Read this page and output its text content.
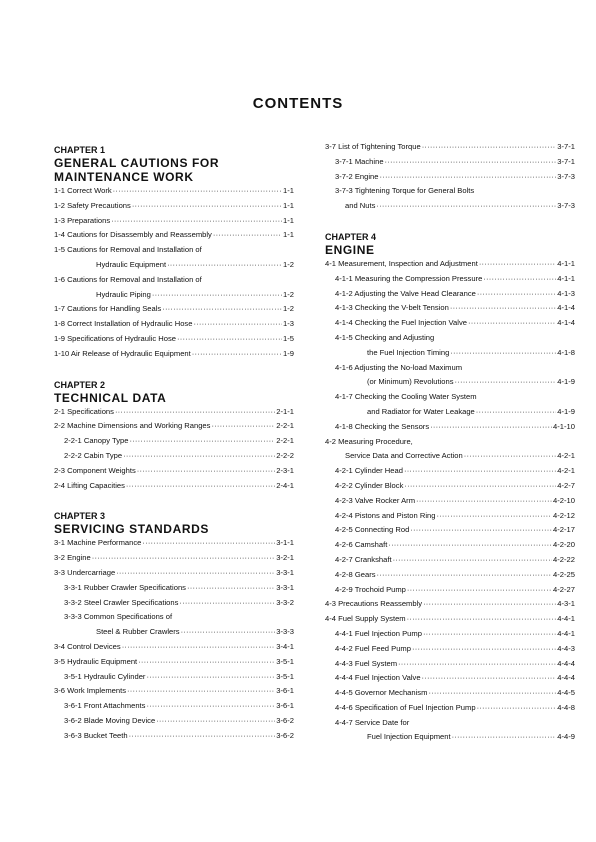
CONTENTS
CHAPTER 1
GENERAL CAUTIONS FOR
MAINTENANCE WORK
1-1 Correct Work ·····	1-1
1-2 Safety Precautions ·····	1-1
1-3 Preparations ·····	1-1
1-4 Cautions for Disassembly and Reassembly ·····	1-1
1-5 Cautions for Removal and Installation of
Hydraulic Equipment ·····	1-2
1-6 Cautions for Removal and Installation of
Hydraulic Piping ·····	1-2
1-7 Cautions for Handling Seals ·····	1-2
1-8 Correct Installation of Hydraulic Hose ·····	1-3
1-9 Specifications of Hydraulic Hose ·····	1-5
1-10 Air Release of Hydraulic Equipment ·····	1-9
CHAPTER 2
TECHNICAL DATA
2-1 Specifications ·····	2-1-1
2-2 Machine Dimensions and Working Ranges ·····	2-2-1
2-2-1 Canopy Type ·····	2-2-1
2-2-2 Cabin Type ·····	2-2-2
2-3 Component Weights ·····	2-3-1
2-4 Lifting Capacities ·····	2-4-1
CHAPTER 3
SERVICING STANDARDS
3-1 Machine Performance ·····	3-1-1
3-2 Engine ·····	3-2-1
3-3 Undercarriage ·····	3-3-1
3-3-1 Rubber Crawler Specifications ·····	3-3-1
3-3-2 Steel Crawler Specifications ·····	3-3-2
3-3-3 Common Specifications of
Steel & Rubber Crawlers ·····	3-3-3
3-4 Control Devices ·····	3-4-1
3-5 Hydraulic Equipment ·····	3-5-1
3-5-1 Hydraulic Cylinder ·····	3-5-1
3-6 Work Implements ·····	3-6-1
3-6-1 Front Attachments ·····	3-6-1
3-6-2 Blade Moving Device ·····	3-6-2
3-6-3 Bucket Teeth ·····	3-6-2
3-7 List of Tightening Torque ·····	3-7-1
3-7-1 Machine ·····	3-7-1
3-7-2 Engine ·····	3-7-3
3-7-3 Tightening Torque for General Bolts
and Nuts ·····	3-7-3
CHAPTER 4
ENGINE
4-1 Measurement, Inspection and Adjustment ·····	4-1-1
4-1-1 Measuring the Compression Pressure ·····	4-1-1
4-1-2 Adjusting the Valve Head Clearance ·····	4-1-3
4-1-3 Checking the V-belt Tension ·····	4-1-4
4-1-4 Checking the Fuel Injection Valve ·····	4-1-4
4-1-5 Checking and Adjusting
the Fuel Injection Timing ·····	4-1-8
4-1-6 Adjusting the No-load Maximum
(or Minimum) Revolutions ·····	4-1-9
4-1-7 Checking the Cooling Water System
and Radiator for Water Leakage ·····	4-1-9
4-1-8 Checking the Sensors ·····	4-1-10
4-2 Measuring Procedure,
Service Data and Corrective Action ·····	4-2-1
4-2-1 Cylinder Head ·····	4-2-1
4-2-2 Cylinder Block ·····	4-2-7
4-2-3 Valve Rocker Arm ·····	4-2-10
4-2-4 Pistons and Piston Ring ·····	4-2-12
4-2-5 Connecting Rod ·····	4-2-17
4-2-6 Camshaft ·····	4-2-20
4-2-7 Crankshaft ·····	4-2-22
4-2-8 Gears ·····	4-2-25
4-2-9 Trochoid Pump ·····	4-2-27
4-3 Precautions Reassembly ·····	4-3-1
4-4 Fuel Supply System ·····	4-4-1
4-4-1 Fuel Injection Pump ·····	4-4-1
4-4-2 Fuel Feed Pump ·····	4-4-3
4-4-3 Fuel System ·····	4-4-4
4-4-4 Fuel Injection Valve ·····	4-4-4
4-4-5 Governor Mechanism ·····	4-4-5
4-4-6 Specification of Fuel Injection Pump ·····	4-4-8
4-4-7 Service Date for
Fuel Injection Equipment ·····	4-4-9
